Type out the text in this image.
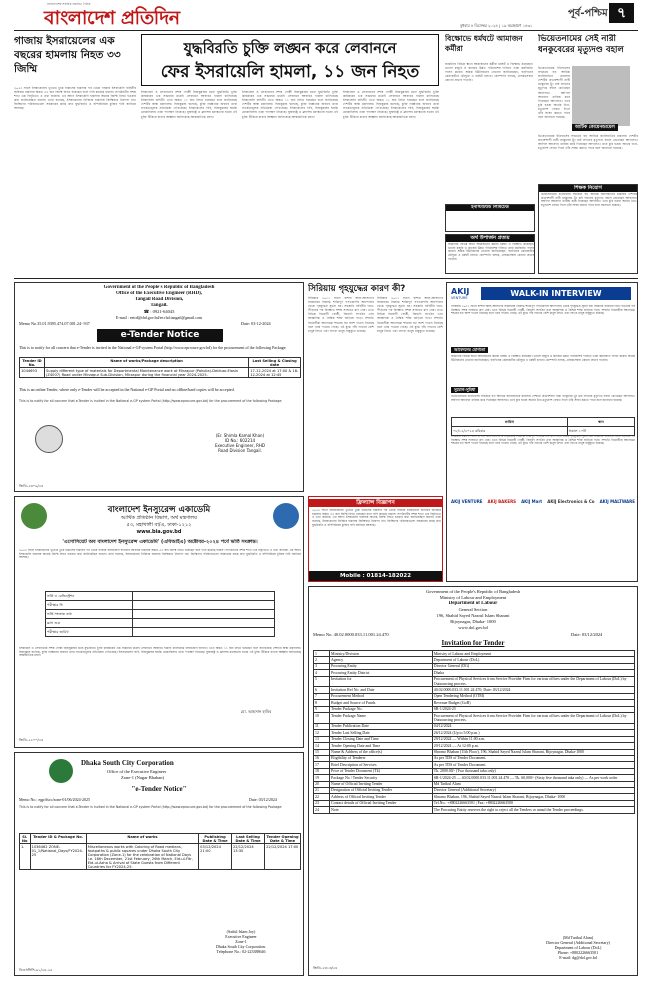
বাংলাদেশের সর্বাধিক প্রচারিত দৈনিক
বাংলাদেশ প্রতিদিন	পূর্ব-পশ্চিম ৭
বুধবার ৪ ডিসেম্বর ২০২৪ | ১৯ অগ্রহায়ণ ১৪৩১
গাজায় ইসরায়েলের এক বছরের হামলায় নিহত ৩৩ জিম্মি
২০২৩ সালে ইসরায়েলের ভূখণ্ডে ঢুকে হামাসের হামলার পর থেকে গাজায় ইসরায়েলি বাহিনীর অবিরাম হামলায় অন্তত ৩৩ জন জিম্মি নিহত হয়েছেন বলে দাবি করেছে হামাস। সংগঠনটির সশস্ত্র শাখা এক বিবৃতিতে এ তথ্য জানায়। এর আগে ইসরায়েলি হামলায় অনেক জিম্মি নিহত হওয়ার কথা জানিয়েছিল হামাস। তারা বলেছে, ইসরায়েলের নির্বিচার হামলায় জিম্মিরাও নিরাপদ নন। জিম্মিদের পরিবারগুলো সরকারের কাছে দ্রুত যুদ্ধবিরতি ও বন্দিবিনিময় চুক্তির দাবি জানিয়ে আসছে।
যুদ্ধবিরতি চুক্তি লঙ্ঘন করে লেবাননে
ফের ইসরায়েলি হামলা, ১১ জন নিহত
ইসরায়েল ও লেবাননের সশস্ত্র গোষ্ঠী হিজবুল্লাহর মধ্যে যুদ্ধবিরতি চুক্তি কার্যকরের এক সপ্তাহের মধ্যেই লেবাননে আবারও হামলা চালিয়েছে ইসরায়েলি বাহিনী। এতে অন্তত ১১ জন নিহত হয়েছেন বলে জানিয়েছে দেশটির স্বাস্থ্য মন্ত্রণালয়। হিজবুল্লাহ বলেছে, চুক্তি লঙ্ঘনের জবাবে তারা সতর্কতামূলক প্রতিক্রিয়া দেখিয়েছে। ইসরায়েলের দাবি, হিজবুল্লাহর হুমকি মোকাবিলায় তারা পদক্ষেপ নিয়েছে। যুক্তরাষ্ট্র ও ফ্রান্সের মধ্যস্থতায় হওয়া এই চুক্তি টিকিয়ে রাখার আহ্বান জানিয়েছে আন্তর্জাতিক মহল।
ইসরায়েল ও লেবাননের সশস্ত্র গোষ্ঠী হিজবুল্লাহর মধ্যে যুদ্ধবিরতি চুক্তি কার্যকরের এক সপ্তাহের মধ্যেই লেবাননে আবারও হামলা চালিয়েছে ইসরায়েলি বাহিনী। এতে অন্তত ১১ জন নিহত হয়েছেন বলে জানিয়েছে দেশটির স্বাস্থ্য মন্ত্রণালয়। হিজবুল্লাহ বলেছে, চুক্তি লঙ্ঘনের জবাবে তারা সতর্কতামূলক প্রতিক্রিয়া দেখিয়েছে। ইসরায়েলের দাবি, হিজবুল্লাহর হুমকি মোকাবিলায় তারা পদক্ষেপ নিয়েছে। যুক্তরাষ্ট্র ও ফ্রান্সের মধ্যস্থতায় হওয়া এই চুক্তি টিকিয়ে রাখার আহ্বান জানিয়েছে আন্তর্জাতিক মহল।
ইসরায়েল ও লেবাননের সশস্ত্র গোষ্ঠী হিজবুল্লাহর মধ্যে যুদ্ধবিরতি চুক্তি কার্যকরের এক সপ্তাহের মধ্যেই লেবাননে আবারও হামলা চালিয়েছে ইসরায়েলি বাহিনী। এতে অন্তত ১১ জন নিহত হয়েছেন বলে জানিয়েছে দেশটির স্বাস্থ্য মন্ত্রণালয়। হিজবুল্লাহ বলেছে, চুক্তি লঙ্ঘনের জবাবে তারা সতর্কতামূলক প্রতিক্রিয়া দেখিয়েছে। ইসরায়েলের দাবি, হিজবুল্লাহর হুমকি মোকাবিলায় তারা পদক্ষেপ নিয়েছে। যুক্তরাষ্ট্র ও ফ্রান্সের মধ্যস্থতায় হওয়া এই চুক্তি টিকিয়ে রাখার আহ্বান জানিয়েছে আন্তর্জাতিক মহল।
বিক্ষোভে ধর্মঘটে আমাজন কর্মীরা
জার্মানির বিভিন্ন স্থানে আমাজনের কর্মীরা ধর্মঘট ও বিক্ষোভ করেছেন। ভালো মজুরি ও কাজের উন্নত পরিবেশের দাবিতে তারা কর্মবিরতি পালন করেন। শ্রমিক ইউনিয়নের নেতারা জানিয়েছেন, বড়দিনের কেনাকাটার মৌসুমে এ ধর্মঘট চলবে। কোম্পানি বলছে, গ্রাহকসেবায় কোনো প্রভাব পড়েনি।
ভিয়েতনামের সেই নারী ধনকুবেরের মৃত্যুদণ্ড বহাল
আটিক কোয়েনন্ডায়েল
ভিয়েতনামের ইতিহাসের সবচেয়ে বড় আর্থিক জালিয়াতির মামলায় দেশটির প্রভাবশালী নারী ধনকুবের ট্রুং মাই ল্যানের মৃত্যুদণ্ড বহাল রেখেছেন আদালত। আপিল আবেদন খারিজ করে দিয়েছেন আদালত। তবে চুরি হওয়া অর্থের তিন-চতুর্থাংশ ফেরত দিলে তাঁর সাজা কমতে পারে বলে জানানো হয়েছে।
ভিয়েতনামের ইতিহাসের সবচেয়ে বড় আর্থিক জালিয়াতির মামলায় দেশটির প্রভাবশালী নারী ধনকুবের ট্রুং মাই ল্যানের মৃত্যুদণ্ড বহাল রেখেছেন আদালত। আপিল আবেদন খারিজ করে দিয়েছেন আদালত। তবে চুরি হওয়া অর্থের তিন-চতুর্থাংশ ফেরত দিলে তাঁর সাজা কমতে পারে বলে জানানো হয়েছে।
অর্থ উপার্জন প্রত্যয়
জার্মানির বিভিন্ন স্থানে আমাজনের কর্মীরা ধর্মঘট ও বিক্ষোভ করেছেন। ভালো মজুরি ও কাজের উন্নত পরিবেশের দাবিতে তারা কর্মবিরতি পালন করেন। শ্রমিক ইউনিয়নের নেতারা জানিয়েছেন, বড়দিনের কেনাকাটার মৌসুমে এ ধর্মঘট চলবে। কোম্পানি বলছে, গ্রাহকসেবায় কোনো প্রভাব পড়েনি।
শিক্ষক নিয়োগ
ভিয়েতনামের ইতিহাসের সবচেয়ে বড় আর্থিক জালিয়াতির মামলায় দেশটির প্রভাবশালী নারী ধনকুবের ট্রুং মাই ল্যানের মৃত্যুদণ্ড বহাল রেখেছেন আদালত। আপিল আবেদন খারিজ করে দিয়েছেন আদালত। তবে চুরি হওয়া অর্থের তিন-চতুর্থাংশ ফেরত দিলে তাঁর সাজা কমতে পারে বলে জানানো হয়েছে।
ইনস্টিটিউট লিমিটেড
Government of the People's Republic of Bangladesh
Office of the Executive Engineer (RHD),
Tangail Road Division,
Tangail.
☎ : 0921-64043
E-mail : eetrd@rhd.gov.bd/ee.rhd.tangail@gmail.com
Memo No.35.01.9395.474.07.001.24- 937	Date: 03-12-2024
e-Tender Notice
This is to notify for all concern that e-Tender is invited in the National e-GP system Portal (http://www.eprocure.gov.bd) for the procurement of the following Package:
Tender ID No.	Name of works/Package description	Last Selling & Closing date
1044693	Supply different type of materials for Departmental Maintenance work at Mirzapur (Pakulla)-Delduar-Elasin (Z4007) Road under Mirzapur Sub-Division, Mirzapur during the financial year 2024-2025.	17-12-2024 at 17:00 & 18-12-2024 at 12:45
This is an online Tender, where only e-Tender will be accepted in the National e-GP Portal and no offline/hard copies will be accepted.
This is to notify for all concern that e-Tender is invited in the National e-GP system Portal (http://www.eprocure.gov.bd) for the procurement of the following Package:
(Er. Shimla Kamal Khan)
ID No.: 602214
Executive Engineer, RHD
Road Division Tangail.
জিডি-২৩০৯/২৪
সিরিয়ায় গৃহযুদ্ধের কারণ কী?
সিরিয়ায় ২০১১ সালে বাশার আল-আসাদের সরকারের বিরুদ্ধে শান্তিপূর্ণ গণতন্ত্রপন্থি আন্দোলন থেকে গৃহযুদ্ধের সূচনা হয়। সরকারি বাহিনীর দমন-পীড়নের পর বিক্ষোভ সশস্ত্র সংঘাতে রূপ নেয়। এতে বিভিন্ন বিদ্রোহী গোষ্ঠী, জিহাদি সংগঠন এবং আঞ্চলিক ও বৈশ্বিক শক্তি জড়িয়ে পড়ে। সম্প্রতি বিদ্রোহীরা আলেপ্পো শহরের বড় অংশ দখলে নিয়েছে বলে খবর পাওয়া গেছে। এই যুদ্ধে পাঁচ লাখের বেশি মানুষ নিহত এবং লাখো মানুষ বাস্তুচ্যুত হয়েছে।
সিরিয়ায় ২০১১ সালে বাশার আল-আসাদের সরকারের বিরুদ্ধে শান্তিপূর্ণ গণতন্ত্রপন্থি আন্দোলন থেকে গৃহযুদ্ধের সূচনা হয়। সরকারি বাহিনীর দমন-পীড়নের পর বিক্ষোভ সশস্ত্র সংঘাতে রূপ নেয়। এতে বিভিন্ন বিদ্রোহী গোষ্ঠী, জিহাদি সংগঠন এবং আঞ্চলিক ও বৈশ্বিক শক্তি জড়িয়ে পড়ে। সম্প্রতি বিদ্রোহীরা আলেপ্পো শহরের বড় অংশ দখলে নিয়েছে বলে খবর পাওয়া গেছে। এই যুদ্ধে পাঁচ লাখের বেশি মানুষ নিহত এবং লাখো মানুষ বাস্তুচ্যুত হয়েছে।
AKIJ
VENTURE	WALK-IN INTERVIEW
সিরিয়ায় ২০১১ সালে বাশার আল-আসাদের সরকারের বিরুদ্ধে শান্তিপূর্ণ গণতন্ত্রপন্থি আন্দোলন থেকে গৃহযুদ্ধের সূচনা হয়। সরকারি বাহিনীর দমন-পীড়নের পর বিক্ষোভ সশস্ত্র সংঘাতে রূপ নেয়। এতে বিভিন্ন বিদ্রোহী গোষ্ঠী, জিহাদি সংগঠন এবং আঞ্চলিক ও বৈশ্বিক শক্তি জড়িয়ে পড়ে। সম্প্রতি বিদ্রোহীরা আলেপ্পো শহরের বড় অংশ দখলে নিয়েছে বলে খবর পাওয়া গেছে। এই যুদ্ধে পাঁচ লাখের বেশি মানুষ নিহত এবং লাখো মানুষ বাস্তুচ্যুত হয়েছে।
আবেদনের যোগ্যতা
জার্মানির বিভিন্ন স্থানে আমাজনের কর্মীরা ধর্মঘট ও বিক্ষোভ করেছেন। ভালো মজুরি ও কাজের উন্নত পরিবেশের দাবিতে তারা কর্মবিরতি পালন করেন। শ্রমিক ইউনিয়নের নেতারা জানিয়েছেন, বড়দিনের কেনাকাটার মৌসুমে এ ধর্মঘট চলবে। কোম্পানি বলছে, গ্রাহকসেবায় কোনো প্রভাব পড়েনি।
সুযোগ-সুবিধা
ভিয়েতনামের ইতিহাসের সবচেয়ে বড় আর্থিক জালিয়াতির মামলায় দেশটির প্রভাবশালী নারী ধনকুবের ট্রুং মাই ল্যানের মৃত্যুদণ্ড বহাল রেখেছেন আদালত। আপিল আবেদন খারিজ করে দিয়েছেন আদালত। তবে চুরি হওয়া অর্থের তিন-চতুর্থাংশ ফেরত দিলে তাঁর সাজা কমতে পারে বলে জানানো হয়েছে।
তারিখ	স্থান
০৮/১২/২০২৪ রবিবার	সকাল ১০টা
সিরিয়ায় ২০১১ সালে বাশার আল-আসাদের সরকারের বিরুদ্ধে শান্তিপূর্ণ গণতন্ত্রপন্থি আন্দোলন থেকে গৃহযুদ্ধের সূচনা হয়। সরকারি বাহিনীর দমন-পীড়নের পর বিক্ষোভ সশস্ত্র সংঘাতে রূপ নেয়। এতে বিভিন্ন বিদ্রোহী গোষ্ঠী, জিহাদি সংগঠন এবং আঞ্চলিক ও বৈশ্বিক শক্তি জড়িয়ে পড়ে। সম্প্রতি বিদ্রোহীরা আলেপ্পো শহরের বড় অংশ দখলে নিয়েছে বলে খবর পাওয়া গেছে। এই যুদ্ধে পাঁচ লাখের বেশি মানুষ নিহত এবং লাখো মানুষ বাস্তুচ্যুত হয়েছে।
AKIJ VENTURE AKIJ BAKERS AKIJ Mart AKIJ Electronics & Co AKIJ MALTWARE
ফ্রিল্যান্স বিজ্ঞাপন
২০২৩ সালে ইসরায়েলের ভূখণ্ডে ঢুকে হামাসের হামলার পর থেকে গাজায় ইসরায়েলি বাহিনীর অবিরাম হামলায় অন্তত ৩৩ জন জিম্মি নিহত হয়েছেন বলে দাবি করেছে হামাস। সংগঠনটির সশস্ত্র শাখা এক বিবৃতিতে এ তথ্য জানায়। এর আগে ইসরায়েলি হামলায় অনেক জিম্মি নিহত হওয়ার কথা জানিয়েছিল হামাস। তারা বলেছে, ইসরায়েলের নির্বিচার হামলায় জিম্মিরাও নিরাপদ নন। জিম্মিদের পরিবারগুলো সরকারের কাছে দ্রুত যুদ্ধবিরতি ও বন্দিবিনিময় চুক্তির দাবি জানিয়ে আসছে।
Mobile : 01814-182022
বাংলাদেশ ইনস্যুরেন্স একাডেমি
আর্থিক প্রতিষ্ঠান বিভাগ, অর্থ মন্ত্রণালয়
৫৩, মহাখালী বা/এ, ঢাকা-১২১২
www.bia.gov.bd
'এসোসিয়েট অব বাংলাদেশ ইনস্যুরেন্স একাডেমি' (এবিআইএ) অক্টোবর-২০২৪ পর্বে ভর্তি সংক্রান্ত।
২০২৩ সালে ইসরায়েলের ভূখণ্ডে ঢুকে হামাসের হামলার পর থেকে গাজায় ইসরায়েলি বাহিনীর অবিরাম হামলায় অন্তত ৩৩ জন জিম্মি নিহত হয়েছেন বলে দাবি করেছে হামাস। সংগঠনটির সশস্ত্র শাখা এক বিবৃতিতে এ তথ্য জানায়। এর আগে ইসরায়েলি হামলায় অনেক জিম্মি নিহত হওয়ার কথা জানিয়েছিল হামাস। তারা বলেছে, ইসরায়েলের নির্বিচার হামলায় জিম্মিরাও নিরাপদ নন। জিম্মিদের পরিবারগুলো সরকারের কাছে দ্রুত যুদ্ধবিরতি ও বন্দিবিনিময় চুক্তির দাবি জানিয়ে আসছে।
ভর্তি ও রেজিস্ট্রেশন	
পরীক্ষার ফি	
ভর্তি সংক্রান্ত তথ্য	
ক্লাস শুরু	
পরীক্ষার তারিখ	
ইসরায়েল ও লেবাননের সশস্ত্র গোষ্ঠী হিজবুল্লাহর মধ্যে যুদ্ধবিরতি চুক্তি কার্যকরের এক সপ্তাহের মধ্যেই লেবাননে আবারও হামলা চালিয়েছে ইসরায়েলি বাহিনী। এতে অন্তত ১১ জন নিহত হয়েছেন বলে জানিয়েছে দেশটির স্বাস্থ্য মন্ত্রণালয়। হিজবুল্লাহ বলেছে, চুক্তি লঙ্ঘনের জবাবে তারা সতর্কতামূলক প্রতিক্রিয়া দেখিয়েছে। ইসরায়েলের দাবি, হিজবুল্লাহর হুমকি মোকাবিলায় তারা পদক্ষেপ নিয়েছে। যুক্তরাষ্ট্র ও ফ্রান্সের মধ্যস্থতায় হওয়া এই চুক্তি টিকিয়ে রাখার আহ্বান জানিয়েছে আন্তর্জাতিক মহল।
মো. আহসান হাবিব
জিডি-২২০০/২৪
Dhaka South City Corporation
Office of the Executive Engineer
Zone-1 (Nagar Bhaban)
"e-Tender Notice"
Memo No.: egp/dscc/zone-01/06/2024-2025	Date: 03/12/2024
This is to notify for all concern that e-Tender is invited in the National e-GP system Portal (http://www.eprocure.gov.bd) for the procurement of the following Package:
Sl. No	Tender ID & Package No.	Name of works	Publishing Date & Time	Last Selling Date & Time	Tender Opening Date & Time
1.	1036462 ZONE-01_1/National_Days/FY2024-25	Miscellaneous works with Coloring of Road medians, footpaths & public squares under Dhaka South City Corporation (Zone-1) for the celebration of National Days i.e. 16th December, 21st February, 26th March, Eid-ul-Fitr, Eid-ul-Azha & Arrival of State Guests from Different Countries for FY2024-25.	03/12/2024 21:00	22/12/2024 13:30	22/12/2024 17:00
(Saiful Islam Joy)
Executive Engineer
Zone-1
Dhaka South City Corporation.
Telephone No.: 02-223388646
ডিএসসিসি-৯১/২৪-২৫
Government of the People's Republic of Bangladesh
Ministry of Labour and Employment
Department of Labour
General Section
196, Shahid Sayed Nazrul Islam Sharani
Bijoynagar, Dhaka- 1000
www.dol.gov.bd
Memo No. 40.02.0000.033.11.001.24.470	Date: 03/12/2024
Invitation for Tender
1	Ministry/Division	Ministry of Labour and Employment
2	Agency	Department of Labour (DoL)
3	Procuring Entity	Director General (DG)
4	Procuring Entity District	Dhaka
5	Invitation for	Procurement of Physical Services from Service Provider Firm for various offices under the Department of Labour (DoL) by Outsourcing process.
6	Invitation Ref No. and Date	40.02.0000.033.11.001.24.470; Date: 03/12/2024
7	Procurement Method	Open Tendering Method (OTM)
8	Budget and Source of Funds	Revenue Budget (GoB)
9	Tender Package No.	SR-1/2024-25
10	Tender Package Name	Procurement of Physical Services from Service Provider Firm for various offices under the Department of Labour (DoL) by Outsourcing process.
11	Tender Publication Date	04/12/2024
12	Tender Last Selling Date	26/12/2024 (Up to 5:00 p.m.)
13	Tender Closing Date and Time	29/12/2024 — Within 11:00 a.m.
14	Tender Opening Date and Time	29/12/2024 — At 12:00 p.m.
15	Name & Address of the office(s)	Shromo Bhaban (11th Floor), 196, Shahid Sayed Nazrul Islam Sharani, Bijoynagar, Dhaka-1000
16	Eligibility of Tenderer	As per TDS of Tender Document.
17	Brief Description of Services	As per TDS of Tender Document.
18	Price of Tender Document (Tk)	Tk. 2000.00/- (Two thousand taka only)
19	Package No / Tender Security	SR-1/2024-25 — 40.02.0000.033.11.001.24.470 — Tk. 60,000/- (Sixty five thousand taka only) — As per work order
20	Name of Official Inviting Tender	Md Tarikul Alam
21	Designation of Official Inviting Tender	Director General (Additional Secretary)
22	Address of Official Inviting Tender	Shromo Bhaban, 196, Shahid Sayed Nazrul Islam Sharani, Bijoynagar, Dhaka- 1000
23	Contact details of Official Inviting Tender	Tel.No.: +8802226663501 | Fax: +8802226663500
24	Note	The Procuring Entity reserves the right to reject all the Tenders or annul the Tender proceedings.
(Md Tarikul Alam)
Director General (Additional Secretary)
Department of Labour (DoL)
Phone: +8802226663501
E-mail: dg@dol.gov.bd
জিডি-২৩১৩/২৪
